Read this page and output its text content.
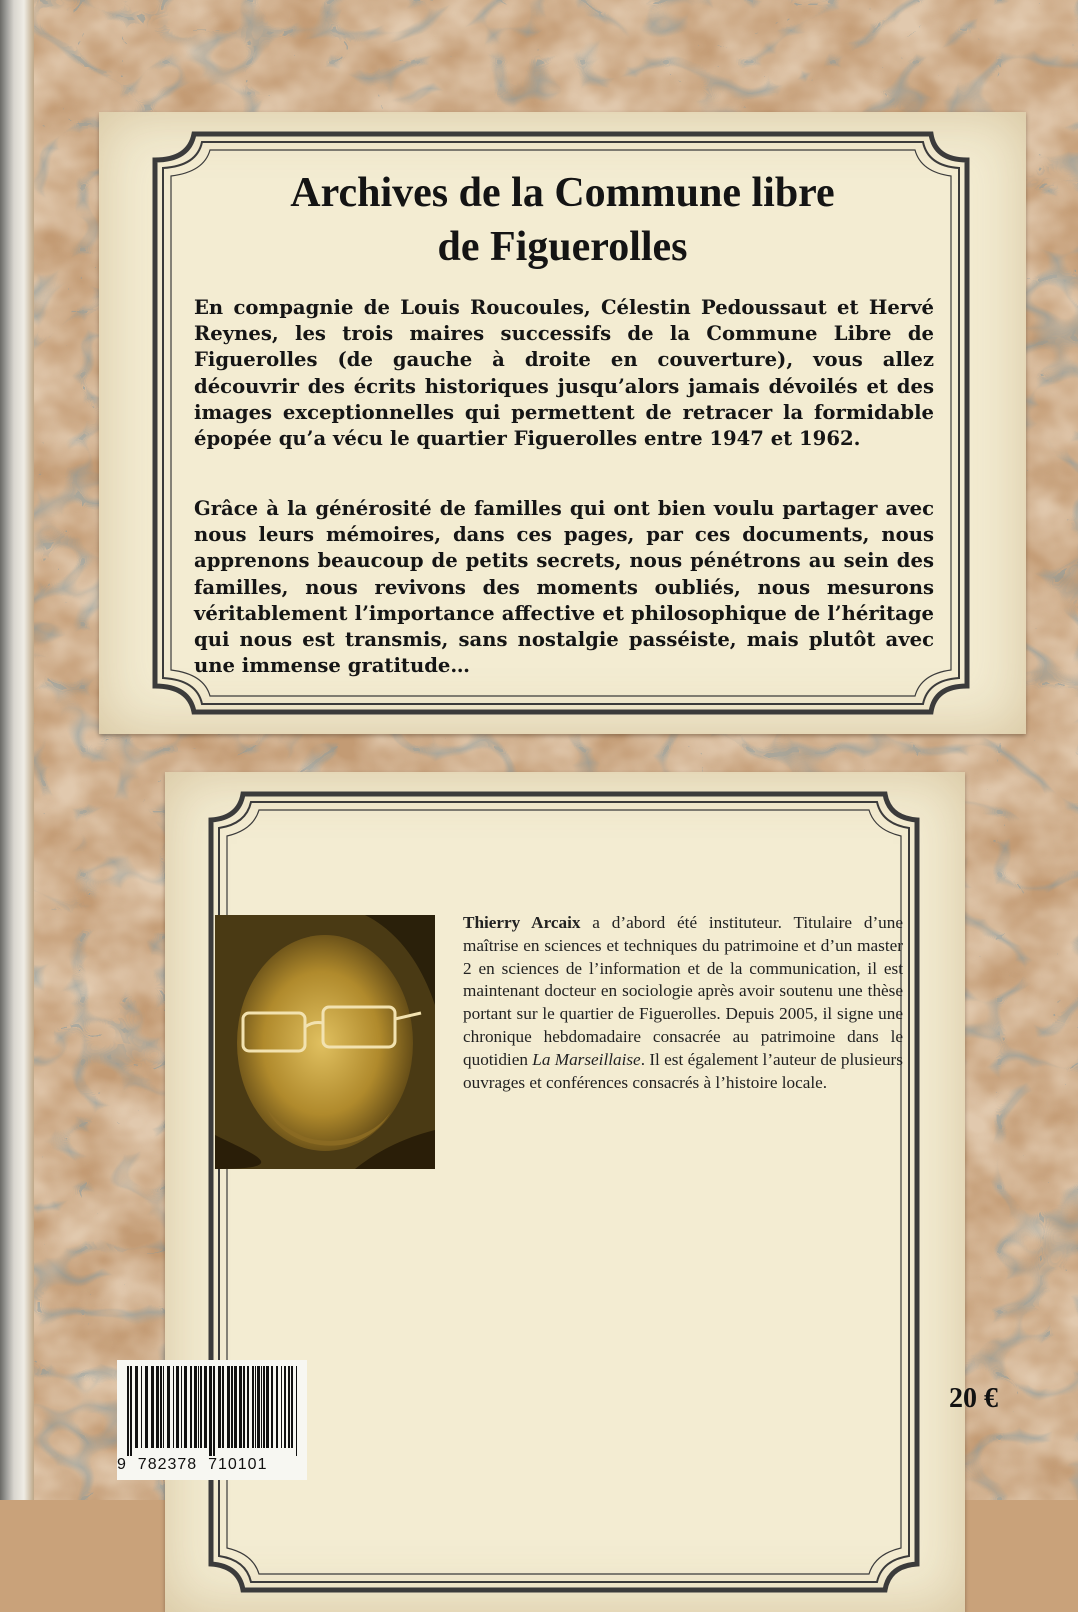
Archives de la Commune libre
de Figuerolles

En compagnie de Louis Roucoules, Célestin Pedoussaut et Hervé Reynes, les trois maires successifs de la Commune Libre de Figuerolles (de gauche à droite en couverture), vous allez découvrir des écrits historiques jusqu’alors jamais dévoilés et des images exceptionnelles qui permettent de retracer la formidable épopée qu’a vécu le quartier Figuerolles entre 1947 et 1962.

Grâce à la générosité de familles qui ont bien voulu partager avec nous leurs mémoires, dans ces pages, par ces documents, nous apprenons beaucoup de petits secrets, nous pénétrons au sein des familles, nous revivons des moments oubliés, nous mesurons véritablement l’importance affective et philosophique de l’héritage qui nous est transmis, sans nostalgie passéiste, mais plutôt avec une immense gratitude…

Thierry Arcaix a d’abord été instituteur. Titulaire d’une maîtrise en sciences et techniques du patrimoine et d’un master 2 en sciences de l’information et de la communication, il est maintenant docteur en sociologie après avoir soutenu une thèse portant sur le quartier de Figuerolles. Depuis 2005, il signe une chronique hebdomadaire consacrée au patrimoine dans le quotidien La Marseillaise. Il est également l’auteur de plusieurs ouvrages et conférences consacrés à l’histoire locale.

9  782378  710101
20 €
